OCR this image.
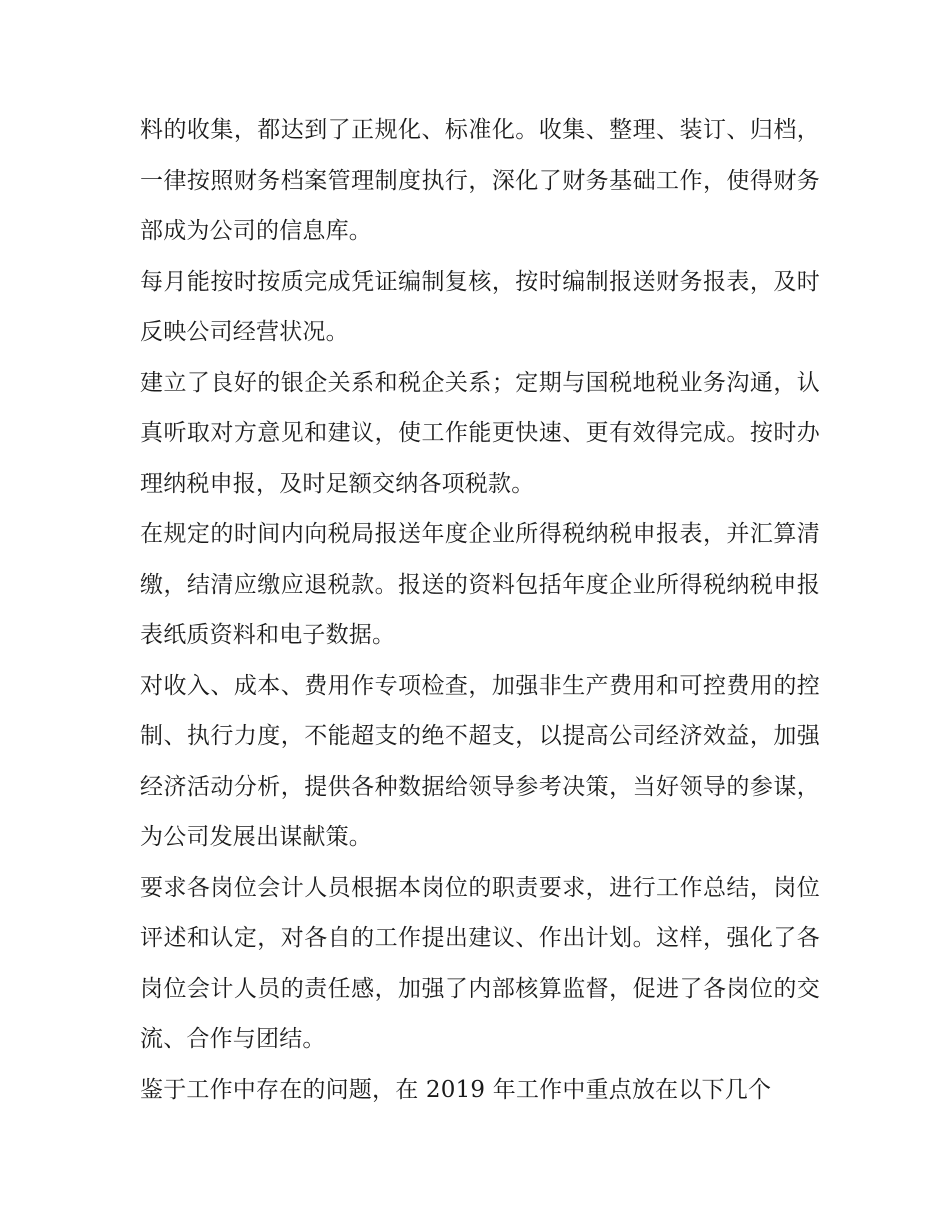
料的收集，都达到了正规化、标准化。收集、整理、装订、归档，一律按照财务档案管理制度执行，深化了财务基础工作，使得财务部成为公司的信息库。

每月能按时按质完成凭证编制复核，按时编制报送财务报表，及时反映公司经营状况。

建立了良好的银企关系和税企关系；定期与国税地税业务沟通，认真听取对方意见和建议，使工作能更快速、更有效得完成。按时办理纳税申报，及时足额交纳各项税款。

在规定的时间内向税局报送年度企业所得税纳税申报表，并汇算清缴，结清应缴应退税款。报送的资料包括年度企业所得税纳税申报表纸质资料和电子数据。

对收入、成本、费用作专项检查，加强非生产费用和可控费用的控制、执行力度，不能超支的绝不超支，以提高公司经济效益，加强经济活动分析，提供各种数据给领导参考决策，当好领导的参谋，为公司发展出谋献策。

要求各岗位会计人员根据本岗位的职责要求，进行工作总结，岗位评述和认定，对各自的工作提出建议、作出计划。这样，强化了各岗位会计人员的责任感，加强了内部核算监督，促进了各岗位的交流、合作与团结。

鉴于工作中存在的问题，在 2019 年工作中重点放在以下几个
